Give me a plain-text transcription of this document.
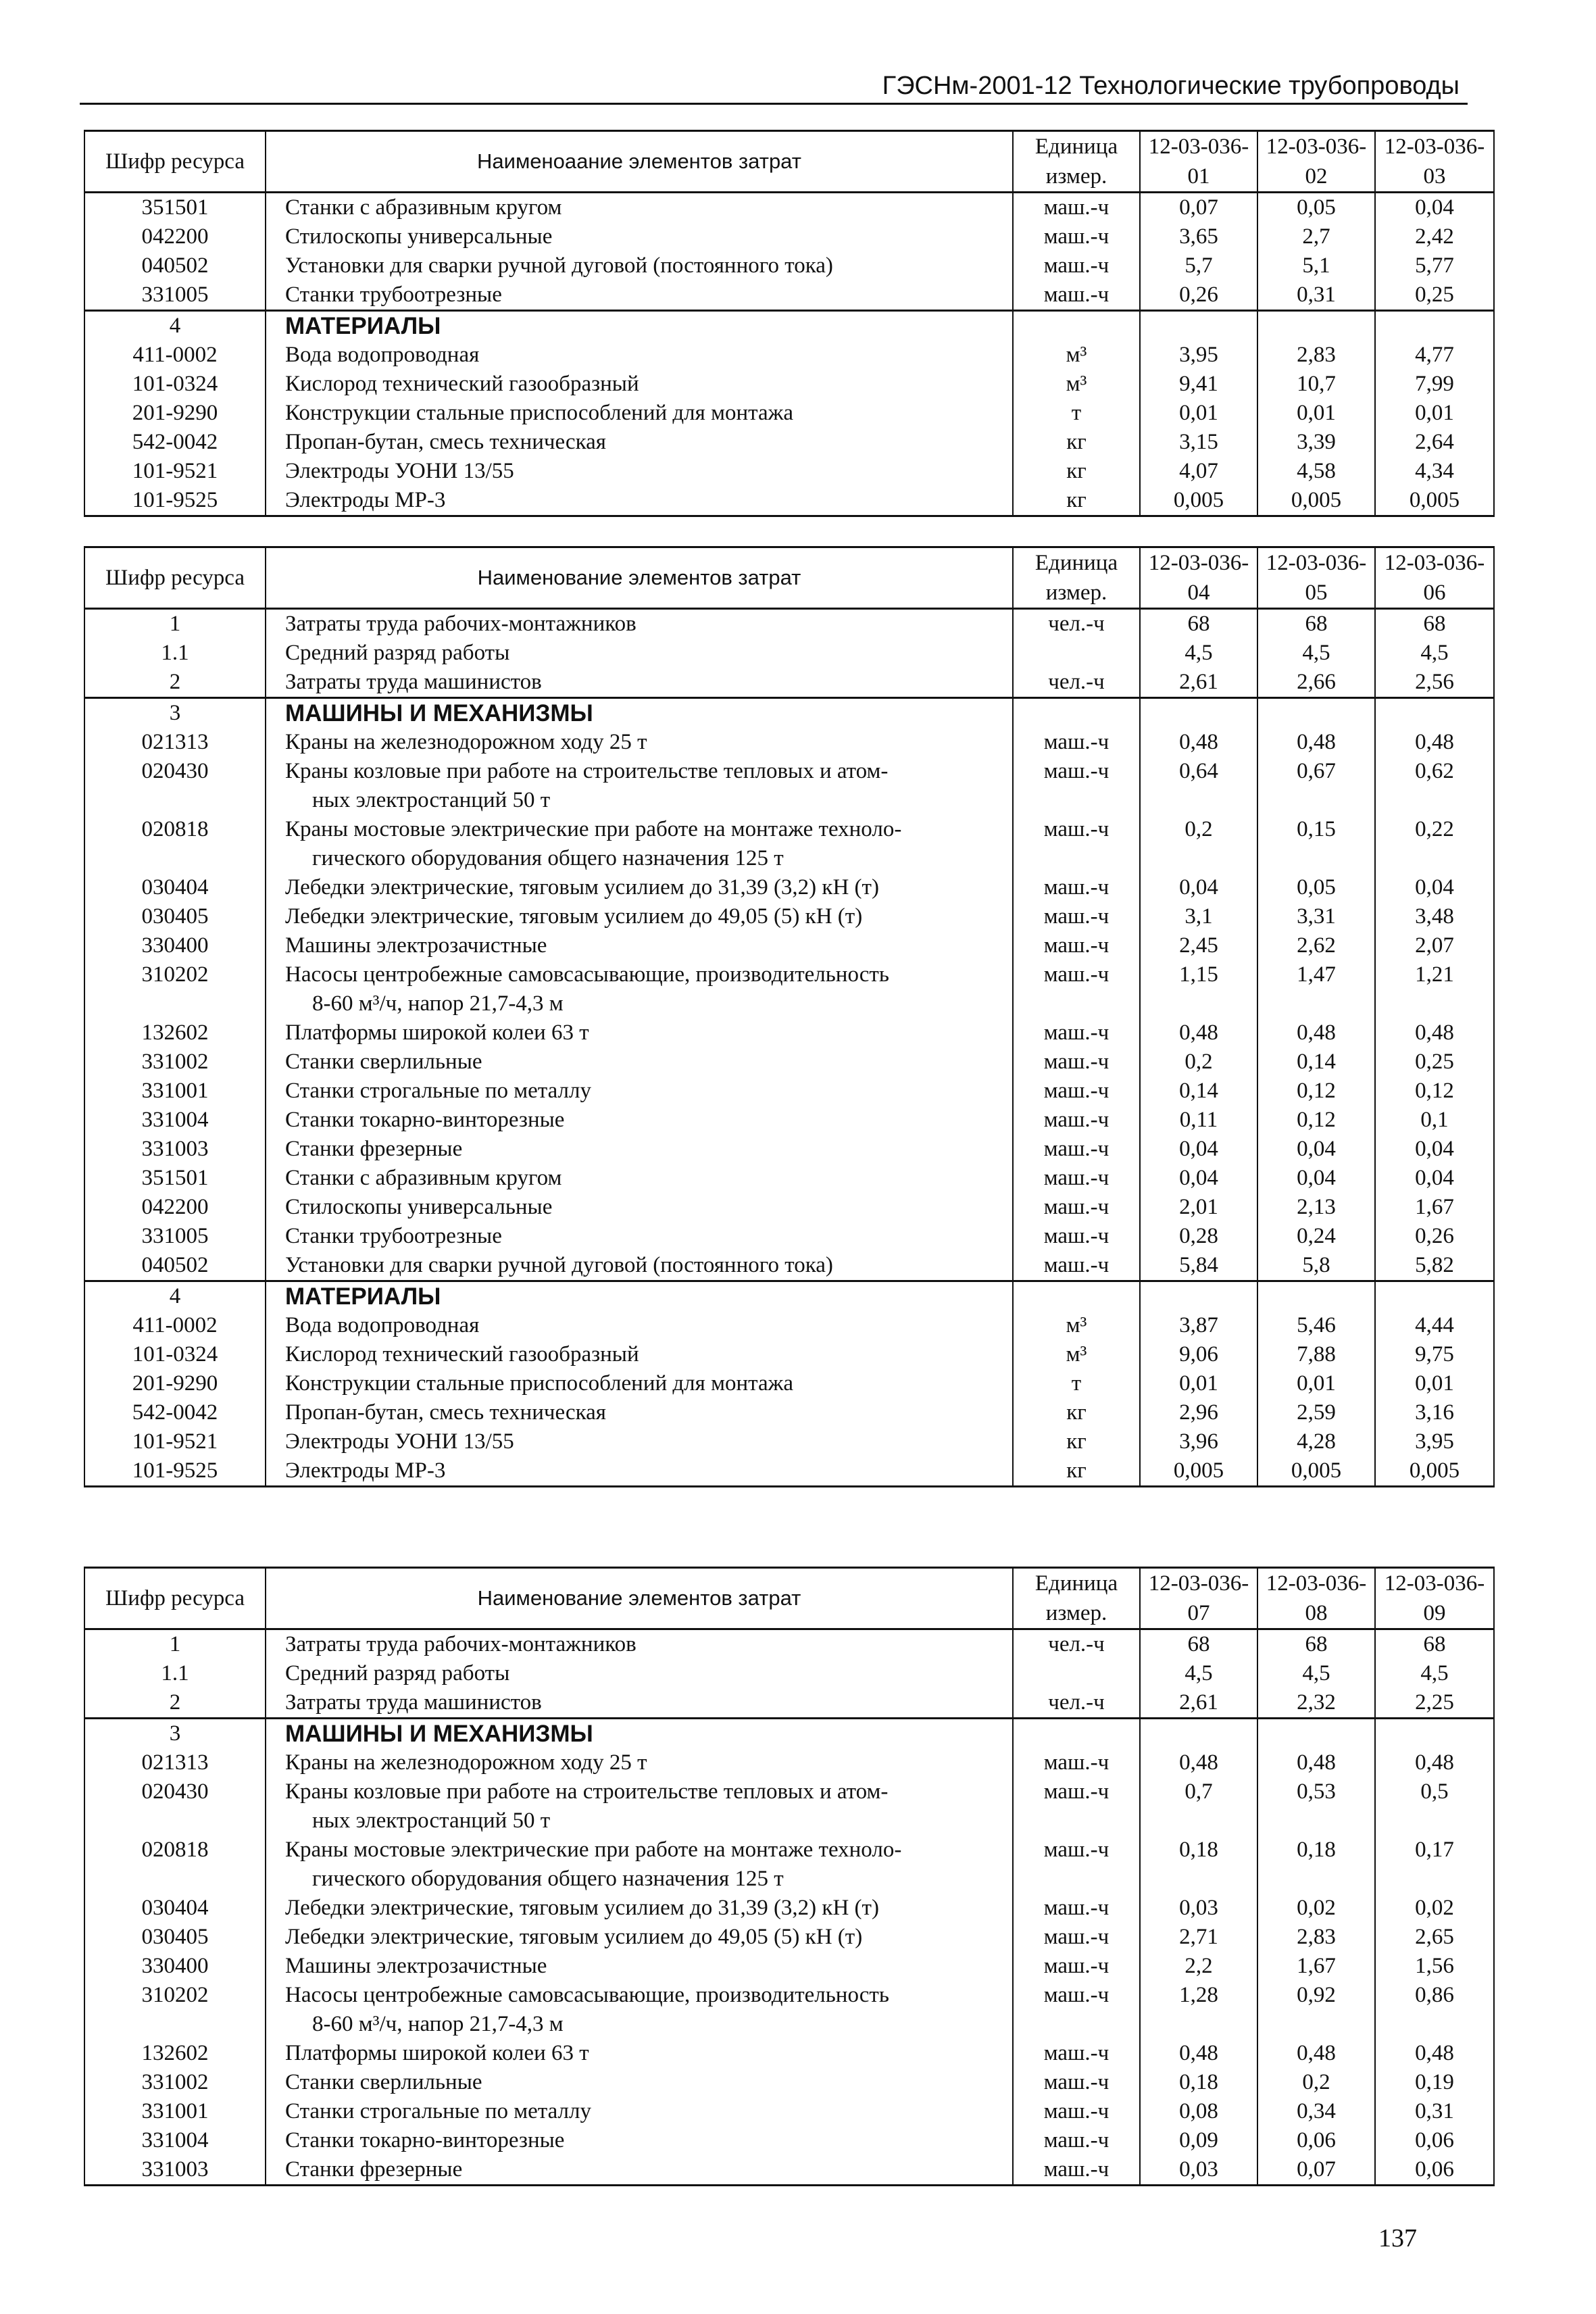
ГЭСНм-2001-12 Технологические трубопроводы
Шифр ресурса	Наименоаание элементов затрат	Единица измер.	12-03-036-01	12-03-036-02	12-03-036-03
351501	Станки с абразивным кругом	маш.-ч	0,07	0,05	0,04
042200	Стилоскопы универсальные	маш.-ч	3,65	2,7	2,42
040502	Установки для сварки ручной дуговой (постоянного тока)	маш.-ч	5,7	5,1	5,77
331005	Станки трубоотрезные	маш.-ч	0,26	0,31	0,25
4	МАТЕРИАЛЫ				
411-0002	Вода водопроводная	м³	3,95	2,83	4,77
101-0324	Кислород технический газообразный	м³	9,41	10,7	7,99
201-9290	Конструкции стальные приспособлений для монтажа	т	0,01	0,01	0,01
542-0042	Пропан-бутан, смесь техническая	кг	3,15	3,39	2,64
101-9521	Электроды УОНИ 13/55	кг	4,07	4,58	4,34
101-9525	Электроды МР-3	кг	0,005	0,005	0,005
Шифр ресурса	Наименование элементов затрат	Единица измер.	12-03-036-04	12-03-036-05	12-03-036-06
1	Затраты труда рабочих-монтажников	чел.-ч	68	68	68
1.1	Средний разряд работы		4,5	4,5	4,5
2	Затраты труда машинистов	чел.-ч	2,61	2,66	2,56
3	МАШИНЫ И МЕХАНИЗМЫ				
021313	Краны на железнодорожном ходу 25 т	маш.-ч	0,48	0,48	0,48
020430	Краны козловые при работе на строительстве тепловых и атом-
ных электростанций 50 т	маш.-ч	0,64	0,67	0,62
020818	Краны мостовые электрические при работе на монтаже техноло-
гического оборудования общего назначения 125 т	маш.-ч	0,2	0,15	0,22
030404	Лебедки электрические, тяговым усилием до 31,39 (3,2) кН (т)	маш.-ч	0,04	0,05	0,04
030405	Лебедки электрические, тяговым усилием до 49,05 (5) кН (т)	маш.-ч	3,1	3,31	3,48
330400	Машины электрозачистные	маш.-ч	2,45	2,62	2,07
310202	Насосы центробежные самовсасывающие, производительность
8-60 м³/ч, напор 21,7-4,3 м	маш.-ч	1,15	1,47	1,21
132602	Платформы широкой колеи 63 т	маш.-ч	0,48	0,48	0,48
331002	Станки сверлильные	маш.-ч	0,2	0,14	0,25
331001	Станки строгальные по металлу	маш.-ч	0,14	0,12	0,12
331004	Станки токарно-винторезные	маш.-ч	0,11	0,12	0,1
331003	Станки фрезерные	маш.-ч	0,04	0,04	0,04
351501	Станки с абразивным кругом	маш.-ч	0,04	0,04	0,04
042200	Стилоскопы универсальные	маш.-ч	2,01	2,13	1,67
331005	Станки трубоотрезные	маш.-ч	0,28	0,24	0,26
040502	Установки для сварки ручной дуговой (постоянного тока)	маш.-ч	5,84	5,8	5,82
4	МАТЕРИАЛЫ				
411-0002	Вода водопроводная	м³	3,87	5,46	4,44
101-0324	Кислород технический газообразный	м³	9,06	7,88	9,75
201-9290	Конструкции стальные приспособлений для монтажа	т	0,01	0,01	0,01
542-0042	Пропан-бутан, смесь техническая	кг	2,96	2,59	3,16
101-9521	Электроды УОНИ 13/55	кг	3,96	4,28	3,95
101-9525	Электроды МР-3	кг	0,005	0,005	0,005
Шифр ресурса	Наименование элементов затрат	Единица измер.	12-03-036-07	12-03-036-08	12-03-036-09
1	Затраты труда рабочих-монтажников	чел.-ч	68	68	68
1.1	Средний разряд работы		4,5	4,5	4,5
2	Затраты труда машинистов	чел.-ч	2,61	2,32	2,25
3	МАШИНЫ И МЕХАНИЗМЫ				
021313	Краны на железнодорожном ходу 25 т	маш.-ч	0,48	0,48	0,48
020430	Краны козловые при работе на строительстве тепловых и атом-
ных электростанций 50 т	маш.-ч	0,7	0,53	0,5
020818	Краны мостовые электрические при работе на монтаже техноло-
гического оборудования общего назначения 125 т	маш.-ч	0,18	0,18	0,17
030404	Лебедки электрические, тяговым усилием до 31,39 (3,2) кН (т)	маш.-ч	0,03	0,02	0,02
030405	Лебедки электрические, тяговым усилием до 49,05 (5) кН (т)	маш.-ч	2,71	2,83	2,65
330400	Машины электрозачистные	маш.-ч	2,2	1,67	1,56
310202	Насосы центробежные самовсасывающие, производительность
8-60 м³/ч, напор 21,7-4,3 м	маш.-ч	1,28	0,92	0,86
132602	Платформы широкой колеи 63 т	маш.-ч	0,48	0,48	0,48
331002	Станки сверлильные	маш.-ч	0,18	0,2	0,19
331001	Станки строгальные по металлу	маш.-ч	0,08	0,34	0,31
331004	Станки токарно-винторезные	маш.-ч	0,09	0,06	0,06
331003	Станки фрезерные	маш.-ч	0,03	0,07	0,06
137
